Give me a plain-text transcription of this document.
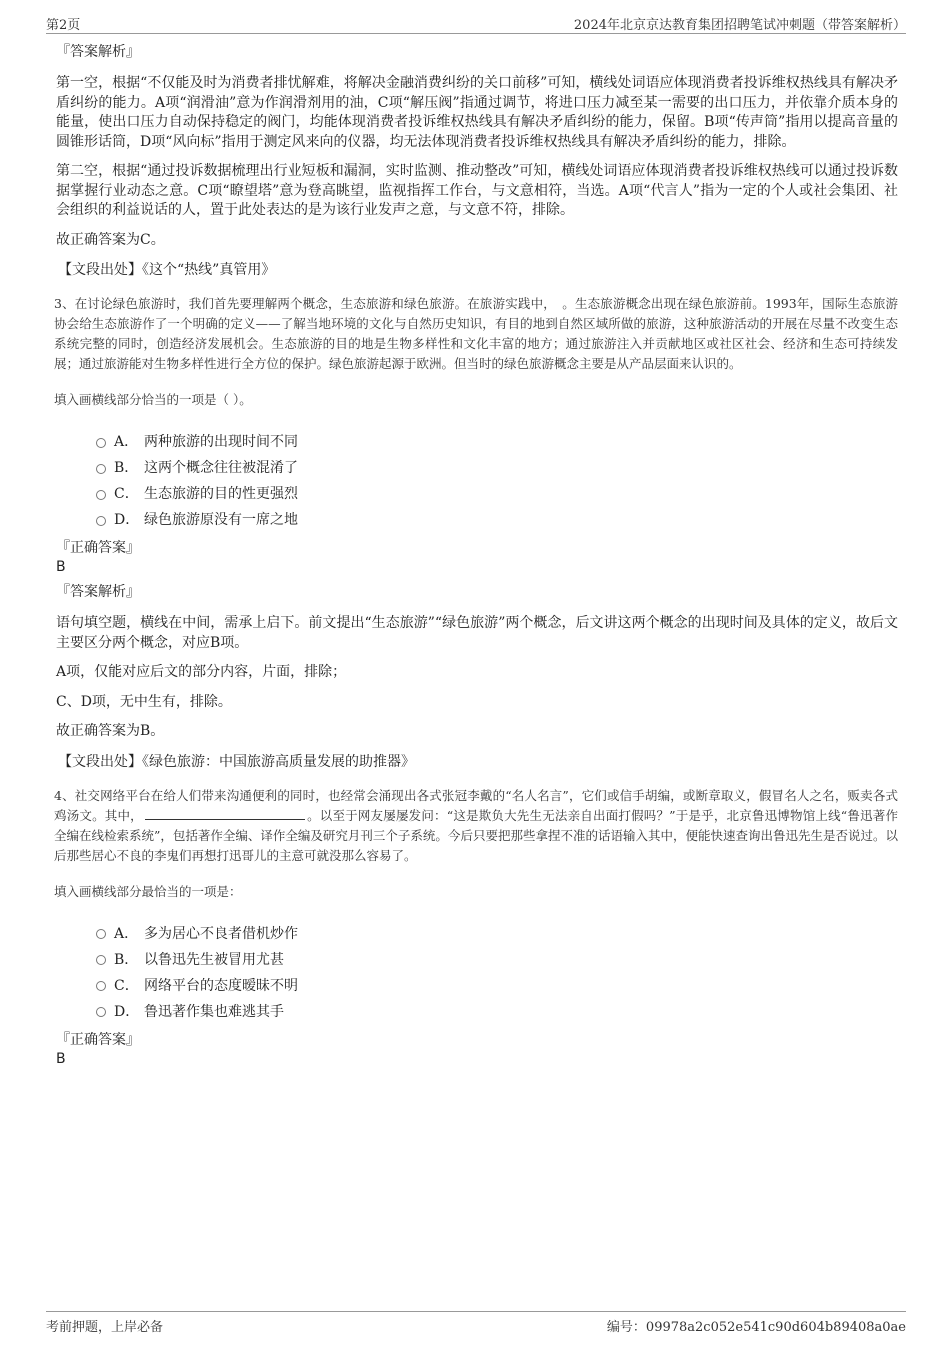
第2页	2024年北京京达教育集团招聘笔试冲刺题（带答案解析）
『答案解析』

第一空，根据“不仅能及时为消费者排忧解难，将解决金融消费纠纷的关口前移”可知，横线处词语应体现消费者投诉维权热线具有解决矛盾纠纷的能力。A项“润滑油”意为作润滑剂用的油，C项“解压阀”指通过调节，将进口压力减至某一需要的出口压力，并依靠介质本身的能量，使出口压力自动保持稳定的阀门，均能体现消费者投诉维权热线具有解决矛盾纠纷的能力，保留。B项“传声筒”指用以提高音量的圆锥形话筒，D项“风向标”指用于测定风来向的仪器，均无法体现消费者投诉维权热线具有解决矛盾纠纷的能力，排除。

第二空，根据“通过投诉数据梳理出行业短板和漏洞，实时监测、推动整改”可知，横线处词语应体现消费者投诉维权热线可以通过投诉数据掌握行业动态之意。C项“瞭望塔”意为登高眺望，监视指挥工作台，与文意相符，当选。A项“代言人”指为一定的个人或社会集团、社会组织的利益说话的人，置于此处表达的是为该行业发声之意，与文意不符，排除。

故正确答案为C。

【文段出处】《这个“热线”真管用》
3、在讨论绿色旅游时，我们首先要理解两个概念，生态旅游和绿色旅游。在旅游实践中，　。生态旅游概念出现在绿色旅游前。1993年，国际生态旅游协会给生态旅游作了一个明确的定义——了解当地环境的文化与自然历史知识，有目的地到自然区域所做的旅游，这种旅游活动的开展在尽量不改变生态系统完整的同时，创造经济发展机会。生态旅游的目的地是生物多样性和文化丰富的地方；通过旅游注入并贡献地区或社区社会、经济和生态可持续发展；通过旅游能对生物多样性进行全方位的保护。绿色旅游起源于欧洲。但当时的绿色旅游概念主要是从产品层面来认识的。
填入画横线部分恰当的一项是（ ）。
A． 两种旅游的出现时间不同
B． 这两个概念往往被混淆了
C． 生态旅游的目的性更强烈
D． 绿色旅游原没有一席之地
『正确答案』
B
『答案解析』

语句填空题，横线在中间，需承上启下。前文提出“生态旅游”“绿色旅游”两个概念，后文讲这两个概念的出现时间及具体的定义，故后文主要区分两个概念，对应B项。

A项，仅能对应后文的部分内容，片面，排除；

C、D项，无中生有，排除。

故正确答案为B。

【文段出处】《绿色旅游：中国旅游高质量发展的助推器》
4、社交网络平台在给人们带来沟通便利的同时，也经常会涌现出各式张冠李戴的“名人名言”，它们或信手胡编，或断章取义，假冒名人之名，贩卖各式鸡汤文。其中，	。以至于网友屡屡发问：“这是欺负大先生无法亲自出面打假吗？”于是乎，北京鲁迅博物馆上线“鲁迅著作全编在线检索系统”，包括著作全编、译作全编及研究月刊三个子系统。今后只要把那些拿捏不准的话语输入其中，便能快速查询出鲁迅先生是否说过。以后那些居心不良的李鬼们再想打迅哥儿的主意可就没那么容易了。
填入画横线部分最恰当的一项是：
A． 多为居心不良者借机炒作
B． 以鲁迅先生被冒用尤甚
C． 网络平台的态度暧昧不明
D． 鲁迅著作集也难逃其手
『正确答案』
B
考前押题，上岸必备	编号：09978a2c052e541c90d604b89408a0ae
